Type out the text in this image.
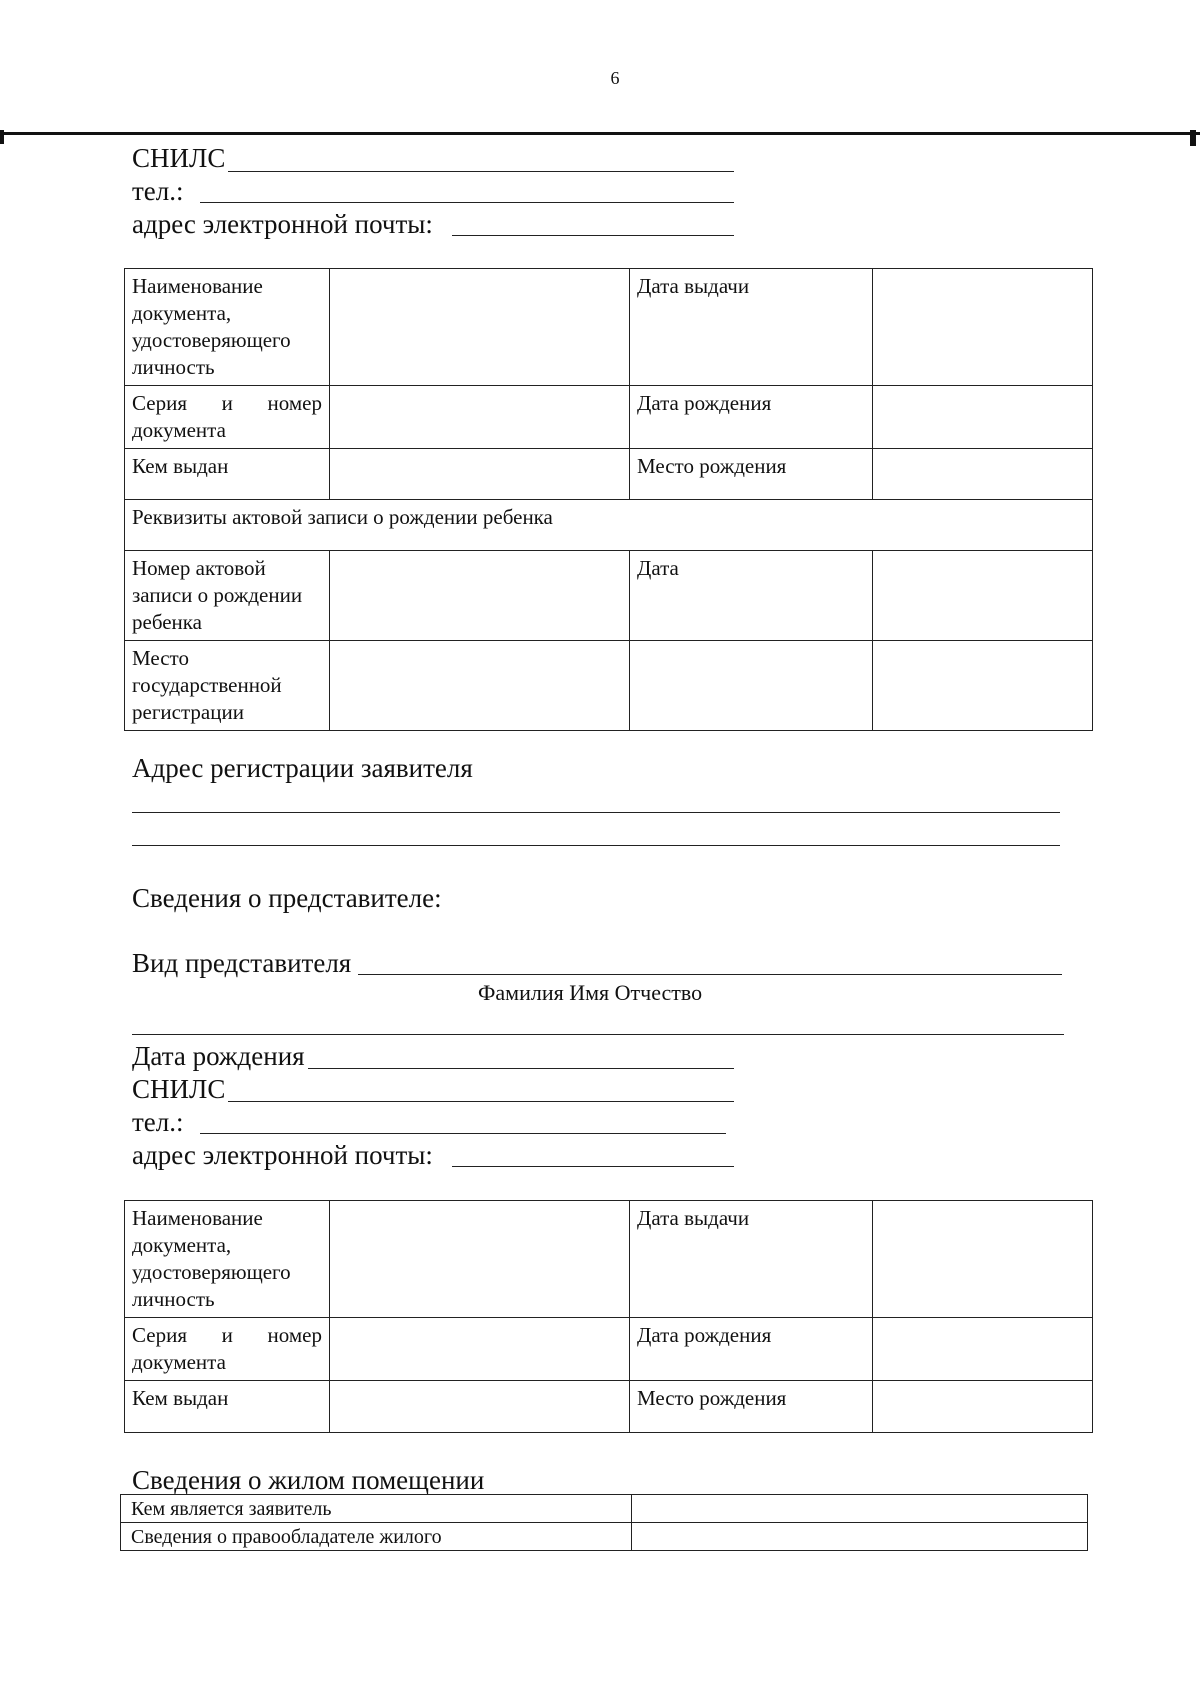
6
СНИЛС
тел.:
адрес электронной почты:
Наименование документа, удостоверяющего личность		Дата выдачи	
Серия и номер документа		Дата рождения	
Кем выдан		Место рождения	
Реквизиты актовой записи о рождении ребенка			
Номер актовой записи о рождении ребенка		Дата	
Место государственной регистрации			
Адрес регистрации заявителя
Сведения о представителе:
Вид представителя
Фамилия Имя Отчество
Дата рождения
СНИЛС
тел.:
адрес электронной почты:
Наименование документа, удостоверяющего личность		Дата выдачи	
Серия и номер документа		Дата рождения	
Кем выдан		Место рождения	
Сведения о жилом помещении
Кем является заявитель	
Сведения о правообладателе жилого	
